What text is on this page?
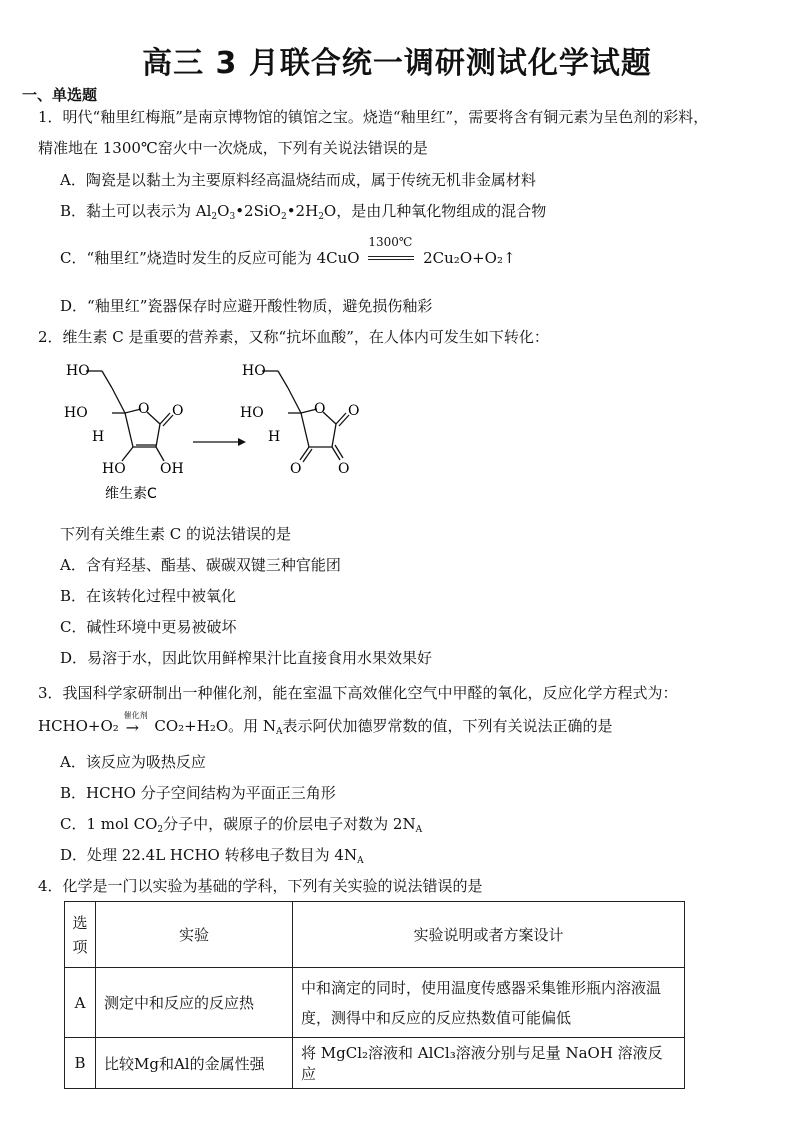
高三 3 月联合统一调研测试化学试题
一、单选题
1．明代“釉里红梅瓶”是南京博物馆的镇馆之宝。烧造“釉里红”，需要将含有铜元素为呈色剂的彩料，
精准地在 1300℃窑火中一次烧成，下列有关说法错误的是
A．陶瓷是以黏土为主要原料经高温烧结而成，属于传统无机非金属材料
B．黏土可以表示为 $Al_2O_3•2SiO_2•2H_2O$，是由几种氧化物组成的混合物
C．“釉里红”烧造时发生的反应可能为 4CuO
1300℃
2Cu₂O+O₂↑
D．“釉里红”瓷器保存时应避开酸性物质，避免损伤釉彩
2．维生素 C 是重要的营养素，又称“抗坏血酸”，在人体内可发生如下转化：
HO
HO
H
O O
HO OH
维生素C
HO
HO
H
O O
O	O
下列有关维生素 C 的说法错误的是
A．含有羟基、酯基、碳碳双键三种官能团
B．在该转化过程中被氧化
C．碱性环境中更易被破坏
D．易溶于水，因此饮用鲜榨果汁比直接食用水果效果好
3．我国科学家研制出一种催化剂，能在室温下高效催化空气中甲醛的氧化，反应化学方程式为：
HCHO+O₂
催化剂
→ CO₂+H₂O。用 $N_A$表示阿伏加德罗常数的值，下列有关说法正确的是
A．该反应为吸热反应
B．HCHO 分子空间结构为平面正三角形
C．1 mol $CO_2$分子中，碳原子的价层电子对数为 $2N_A$
D．处理 22.4L HCHO 转移电子数目为 $4N_A$
4．化学是一门以实验为基础的学科，下列有关实验的说法错误的是
选项	实验	实验说明或者方案设计
A	测定中和反应的反应热	中和滴定的同时，使用温度传感器采集锥形瓶内溶液温
度，测得中和反应的反应热数值可能偏低

B	比较Mg和Al的金属性强	将 MgCl₂溶液和 AlCl₃溶液分别与足量 NaOH 溶液反应
